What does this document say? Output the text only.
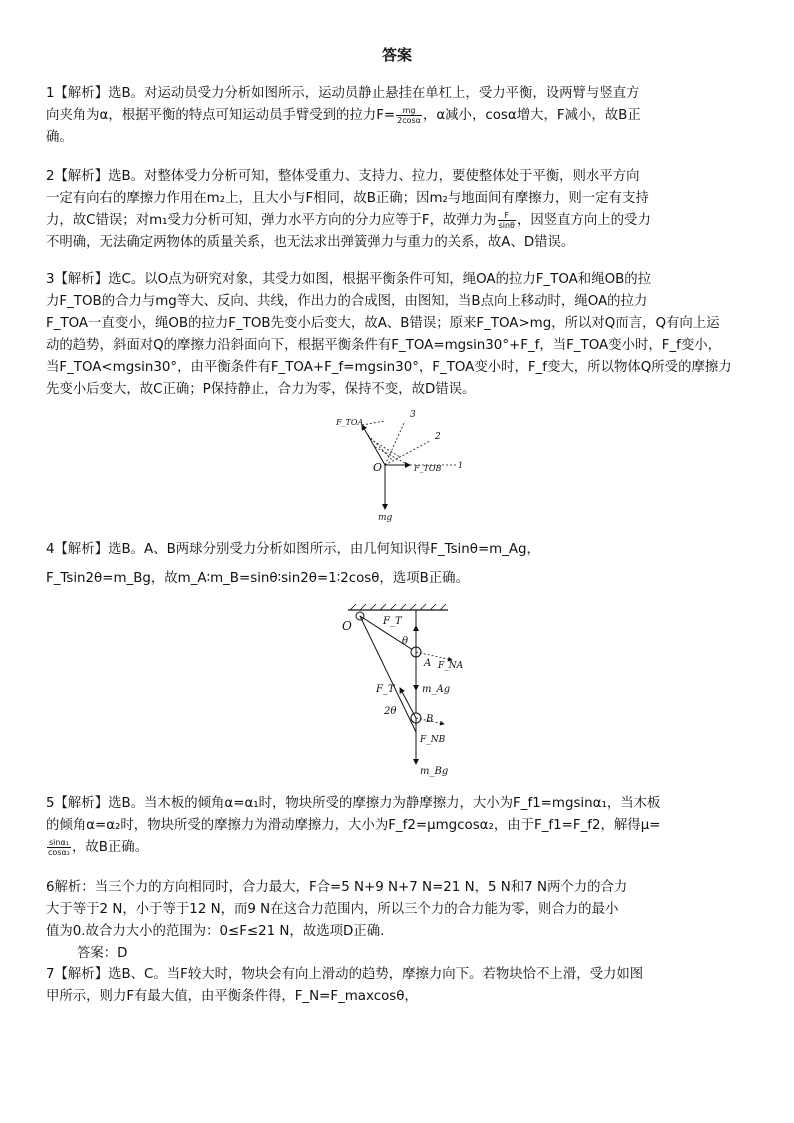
答案
1【解析】选B。对运动员受力分析如图所示，运动员静止悬挂在单杠上，受力平衡，设两臂与竖直方
向夹角为α，根据平衡的特点可知运动员手臂受到的拉力$F= \frac{mg}{2\cos\alpha}$ ，α减小，cosα增大，F减小，故B正
确。
2【解析】选B。对整体受力分析可知，整体受重力、支持力、拉力，要使整体处于平衡，则水平方向
一定有向右的摩擦力作用在m₂上，且大小与F相同，故B正确；因m₂与地面间有摩擦力，则一定有支持
力，故C错误；对m₁受力分析可知，弹力水平方向的分力应等于F，故弹力为 $\frac{F}{\sin\theta}$ ，因竖直方向上的受力
不明确，无法确定两物体的质量关系，也无法求出弹簧弹力与重力的关系，故A、D错误。
3【解析】选C。以O点为研究对象，其受力如图，根据平衡条件可知，绳OA的拉力F_TOA和绳OB的拉
力F_TOB的合力与mg等大、反向、共线，作出力的合成图，由图知，当B点向上移动时，绳OA的拉力
F_TOA一直变小，绳OB的拉力F_TOB先变小后变大，故A、B错误；原来F_TOA>mg，所以对Q而言，Q有向上运
动的趋势，斜面对Q的摩擦力沿斜面向下，根据平衡条件有F_TOA=mgsin30°+F_f，当F_TOA变小时，F_f变小，
当F_TOA<mgsin30°，由平衡条件有F_TOA+F_f=mgsin30°，F_TOA变小时，F_f变大，所以物体Q所受的摩擦力
先变小后变大，故C正确；P保持静止，合力为零，保持不变，故D错误。
F_TOA
3
2
O	F_TOB 1
mg
4【解析】选B。A、B两球分别受力分析如图所示，由几何知识得F_Tsinθ=m_Ag，
F_Tsin2θ=m_Bg，故m_A∶m_B=sinθ∶sin2θ=1∶2cosθ，选项B正确。
O	F_T
θ
A F_NA
F_T	m_Ag
2θ
B
F_NB
m_Bg
5【解析】选B。当木板的倾角α=α₁时，物块所受的摩擦力为静摩擦力，大小为F_f1=mgsinα₁，当木板
的倾角α=α₂时，物块所受的摩擦力为滑动摩擦力，大小为F_f2=μmgcosα₂，由于F_f1=F_f2，解得μ=
$\frac{\text{sinα₁}}{\text{cosα₂}}$ ，故B正确。
6解析：当三个力的方向相同时，合力最大，F合=5 N+9 N+7 N=21 N，5 N和7 N两个力的合力
大于等于2 N，小于等于12 N，而9 N在这合力范围内，所以三个力的合力能为零，则合力的最小
值为0.故合力大小的范围为：0≤F≤21 N，故选项D正确.
答案：D
7【解析】选B、C。当F较大时，物块会有向上滑动的趋势，摩擦力向下。若物块恰不上滑，受力如图
甲所示，则力F有最大值，由平衡条件得，F_N=F_maxcosθ，
